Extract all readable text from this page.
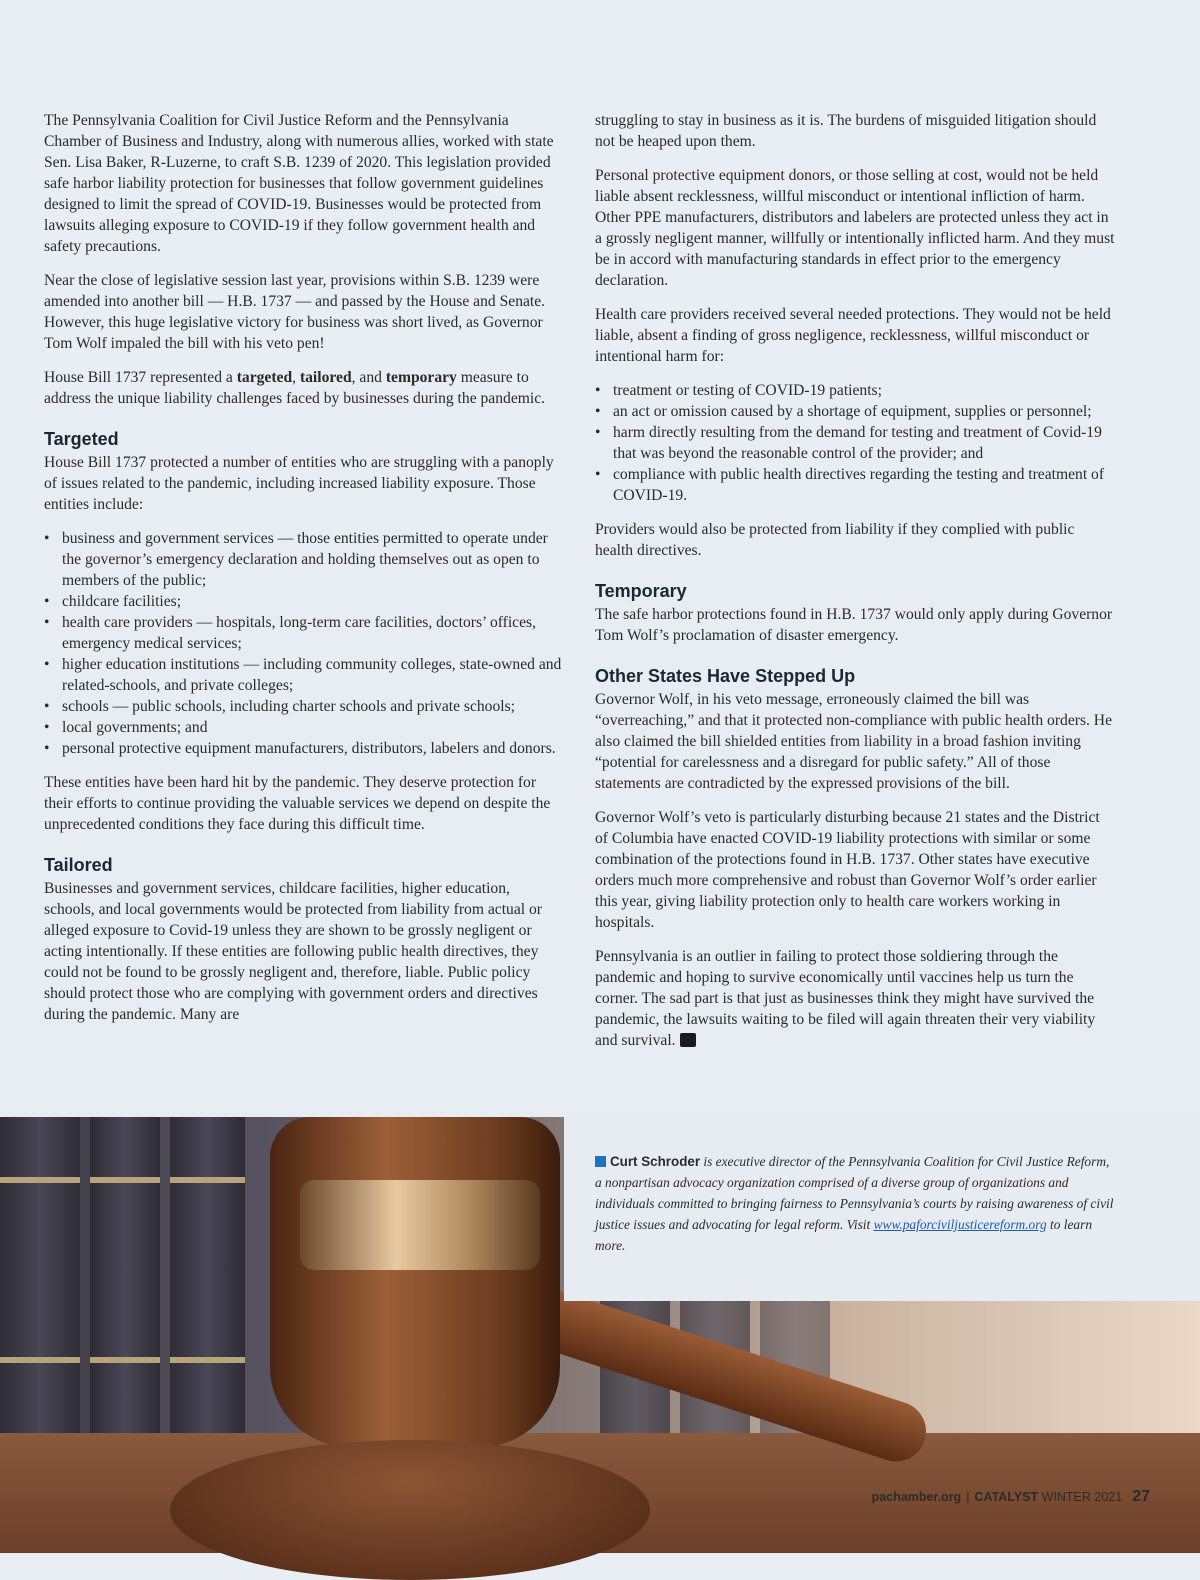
The Pennsylvania Coalition for Civil Justice Reform and the Pennsylvania Chamber of Business and Industry, along with numerous allies, worked with state Sen. Lisa Baker, R-Luzerne, to craft S.B. 1239 of 2020. This legislation provided safe harbor liability protection for businesses that follow government guidelines designed to limit the spread of COVID-19. Businesses would be protected from lawsuits alleging exposure to COVID-19 if they follow government health and safety precautions.

Near the close of legislative session last year, provisions within S.B. 1239 were amended into another bill — H.B. 1737 — and passed by the House and Senate. However, this huge legislative victory for business was short lived, as Governor Tom Wolf impaled the bill with his veto pen!

House Bill 1737 represented a targeted, tailored, and temporary measure to address the unique liability challenges faced by businesses during the pandemic.

Targeted

House Bill 1737 protected a number of entities who are struggling with a panoply of issues related to the pandemic, including increased liability exposure. Those entities include:

• business and government services — those entities permitted to operate under the governor’s emergency declaration and holding themselves out as open to members of the public;
• childcare facilities;
• health care providers — hospitals, long-term care facilities, doctors’ offices, emergency medical services;
• higher education institutions — including community colleges, state-owned and related-schools, and private colleges;
• schools — public schools, including charter schools and private schools;
• local governments; and
• personal protective equipment manufacturers, distributors, labelers and donors.

These entities have been hard hit by the pandemic. They deserve protection for their efforts to continue providing the valuable services we depend on despite the unprecedented conditions they face during this difficult time.

Tailored

Businesses and government services, childcare facilities, higher education, schools, and local governments would be protected from liability from actual or alleged exposure to Covid-19 unless they are shown to be grossly negligent or acting intentionally. If these entities are following public health directives, they could not be found to be grossly negligent and, therefore, liable. Public policy should protect those who are complying with government orders and directives during the pandemic. Many are

struggling to stay in business as it is. The burdens of misguided litigation should not be heaped upon them.

Personal protective equipment donors, or those selling at cost, would not be held liable absent recklessness, willful misconduct or intentional infliction of harm. Other PPE manufacturers, distributors and labelers are protected unless they act in a grossly negligent manner, willfully or intentionally inflicted harm. And they must be in accord with manufacturing standards in effect prior to the emergency declaration.

Health care providers received several needed protections. They would not be held liable, absent a finding of gross negligence, recklessness, willful misconduct or intentional harm for:

• treatment or testing of COVID-19 patients;
• an act or omission caused by a shortage of equipment, supplies or personnel;
• harm directly resulting from the demand for testing and treatment of Covid-19 that was beyond the reasonable control of the provider; and
• compliance with public health directives regarding the testing and treatment of COVID-19.

Providers would also be protected from liability if they complied with public health directives.

Temporary

The safe harbor protections found in H.B. 1737 would only apply during Governor Tom Wolf’s proclamation of disaster emergency.

Other States Have Stepped Up

Governor Wolf, in his veto message, erroneously claimed the bill was “overreaching,” and that it protected non-compliance with public health orders. He also claimed the bill shielded entities from liability in a broad fashion inviting “potential for carelessness and a disregard for public safety.” All of those statements are contradicted by the expressed provisions of the bill.

Governor Wolf’s veto is particularly disturbing because 21 states and the District of Columbia have enacted COVID-19 liability protections with similar or some combination of the protections found in H.B. 1737. Other states have executive orders much more comprehensive and robust than Governor Wolf’s order earlier this year, giving liability protection only to health care workers working in hospitals.

Pennsylvania is an outlier in failing to protect those soldiering through the pandemic and hoping to survive economically until vaccines help us turn the corner. The sad part is that just as businesses think they might have survived the pandemic, the lawsuits waiting to be filed will again threaten their very viability and survival.

Curt Schroder is executive director of the Pennsylvania Coalition for Civil Justice Reform, a nonpartisan advocacy organization comprised of a diverse group of organizations and individuals committed to bringing fairness to Pennsylvania’s courts by raising awareness of civil justice issues and advocating for legal reform. Visit www.paforciviljusticereform.org to learn more.
pachamber.org | CATALYST WINTER 2021 27
